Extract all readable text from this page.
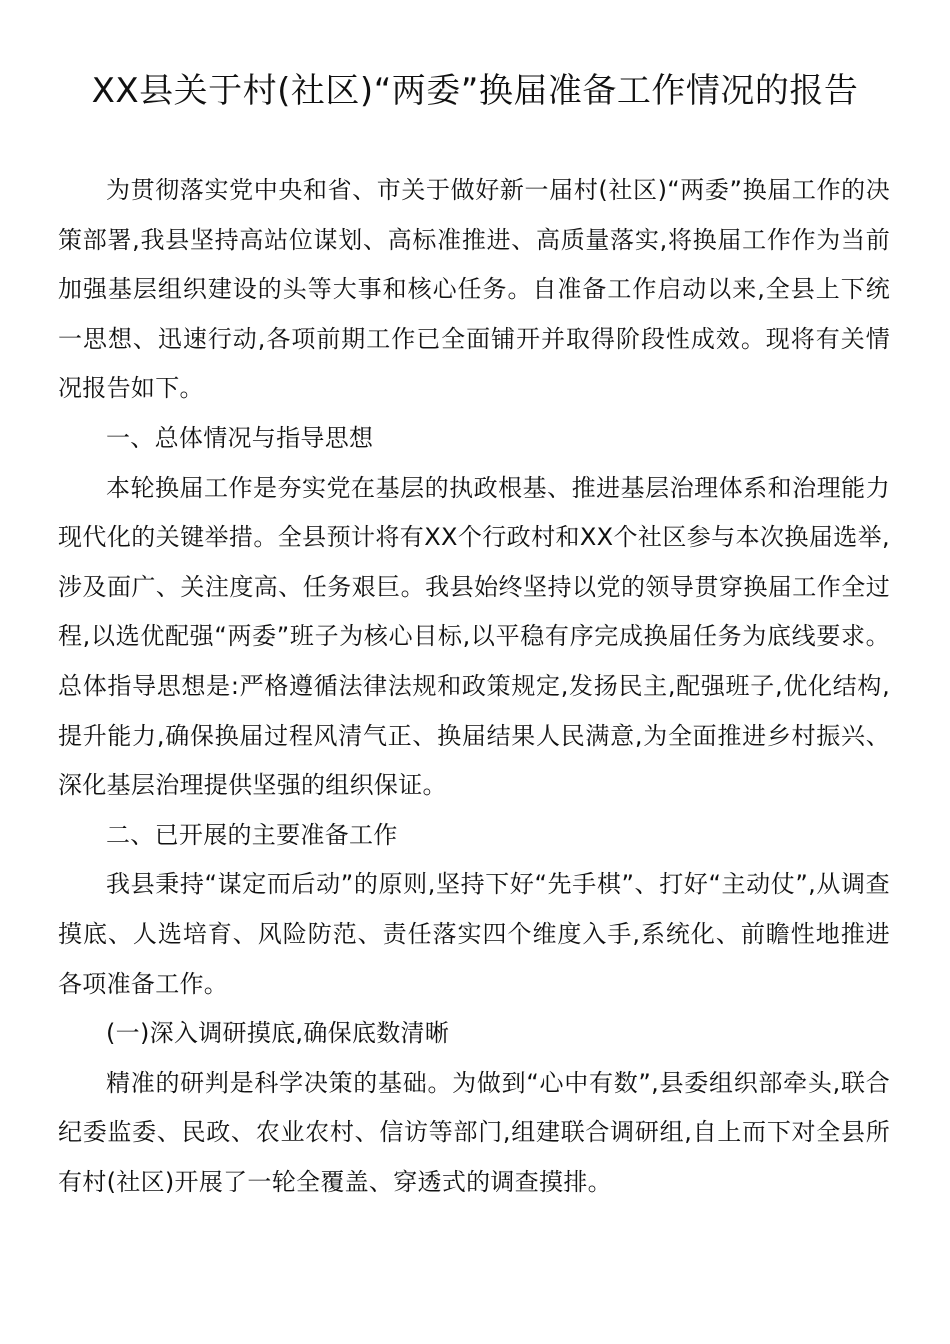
XX县关于村(社区)“两委”换届准备工作情况的报告

为贯彻落实党中央和省、市关于做好新一届村(社区)“两委”换届工作的决策部署,我县坚持高站位谋划、高标准推进、高质量落实,将换届工作作为当前加强基层组织建设的头等大事和核心任务。自准备工作启动以来,全县上下统一思想、迅速行动,各项前期工作已全面铺开并取得阶段性成效。现将有关情况报告如下。

一、总体情况与指导思想

本轮换届工作是夯实党在基层的执政根基、推进基层治理体系和治理能力现代化的关键举措。全县预计将有XX个行政村和XX个社区参与本次换届选举,涉及面广、关注度高、任务艰巨。我县始终坚持以党的领导贯穿换届工作全过程,以选优配强“两委”班子为核心目标,以平稳有序完成换届任务为底线要求。总体指导思想是:严格遵循法律法规和政策规定,发扬民主,配强班子,优化结构,提升能力,确保换届过程风清气正、换届结果人民满意,为全面推进乡村振兴、深化基层治理提供坚强的组织保证。

二、已开展的主要准备工作

我县秉持“谋定而后动”的原则,坚持下好“先手棋”、打好“主动仗”,从调查摸底、人选培育、风险防范、责任落实四个维度入手,系统化、前瞻性地推进各项准备工作。

(一)深入调研摸底,确保底数清晰

精准的研判是科学决策的基础。为做到“心中有数”,县委组织部牵头,联合纪委监委、民政、农业农村、信访等部门,组建联合调研组,自上而下对全县所有村(社区)开展了一轮全覆盖、穿透式的调查摸排。
